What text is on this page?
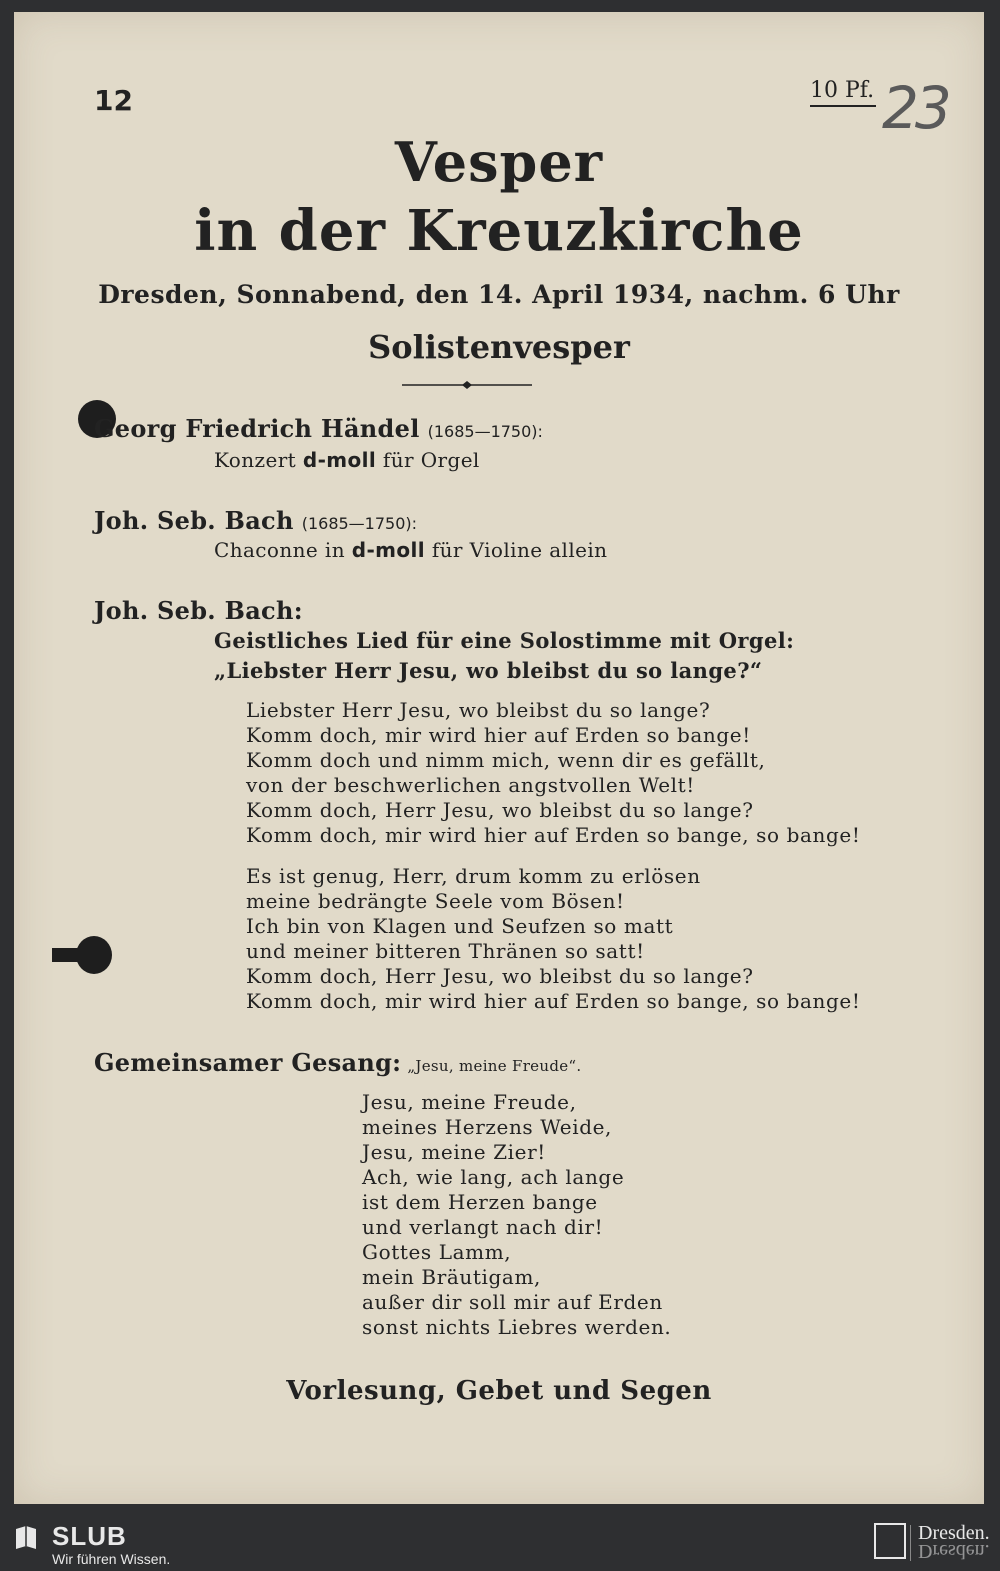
12	10 Pf. 23
Vesper
in der Kreuzkirche
Dresden, Sonnabend, den 14. April 1934, nachm. 6 Uhr
Solistenvesper
Georg Friedrich Händel (1685—1750):
Konzert d-moll für Orgel
Joh. Seb. Bach (1685—1750):
Chaconne in d-moll für Violine allein
Joh. Seb. Bach:
Geistliches Lied für eine Solostimme mit Orgel: „Liebster Herr Jesu, wo bleibst du so lange?“
Liebster Herr Jesu, wo bleibst du so lange?
Komm doch, mir wird hier auf Erden so bange!
Komm doch und nimm mich, wenn dir es gefällt,
von der beschwerlichen angstvollen Welt!
Komm doch, Herr Jesu, wo bleibst du so lange?
Komm doch, mir wird hier auf Erden so bange, so bange!
Es ist genug, Herr, drum komm zu erlösen
meine bedrängte Seele vom Bösen!
Ich bin von Klagen und Seufzen so matt
und meiner bitteren Thränen so satt!
Komm doch, Herr Jesu, wo bleibst du so lange?
Komm doch, mir wird hier auf Erden so bange, so bange!
Gemeinsamer Gesang: „Jesu, meine Freude“.
Jesu, meine Freude,
meines Herzens Weide,
Jesu, meine Zier!
Ach, wie lang, ach lange
ist dem Herzen bange
und verlangt nach dir!
Gottes Lamm,
mein Bräutigam,
außer dir soll mir auf Erden
sonst nichts Liebres werden.
Vorlesung, Gebet und Segen
SLUB
Wir führen Wissen.
Dresden.
Dresden.
